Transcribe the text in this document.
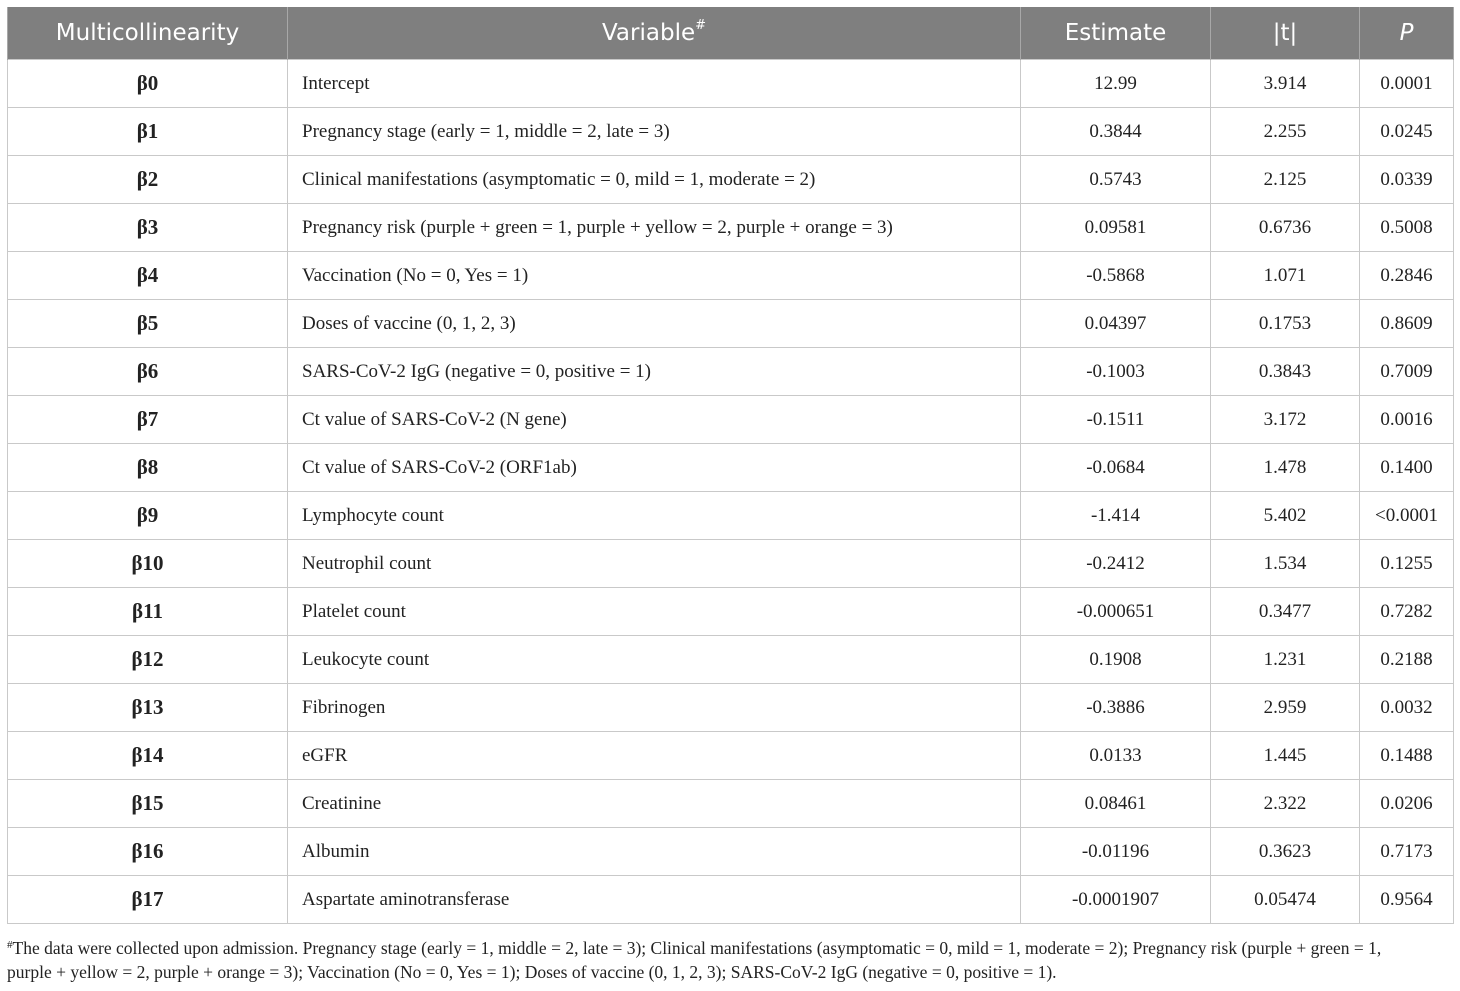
Multicollinearity	Variable#	Estimate	|t|	P
β0	Intercept	12.99	3.914	0.0001
β1	Pregnancy stage (early = 1, middle = 2, late = 3)	0.3844	2.255	0.0245
β2	Clinical manifestations (asymptomatic = 0, mild = 1, moderate = 2)	0.5743	2.125	0.0339
β3	Pregnancy risk (purple + green = 1, purple + yellow = 2, purple + orange = 3)	0.09581	0.6736	0.5008
β4	Vaccination (No = 0, Yes = 1)	-0.5868	1.071	0.2846
β5	Doses of vaccine (0, 1, 2, 3)	0.04397	0.1753	0.8609
β6	SARS-CoV-2 IgG (negative = 0, positive = 1)	-0.1003	0.3843	0.7009
β7	Ct value of SARS-CoV-2 (N gene)	-0.1511	3.172	0.0016
β8	Ct value of SARS-CoV-2 (ORF1ab)	-0.0684	1.478	0.1400
β9	Lymphocyte count	-1.414	5.402	<0.0001
β10	Neutrophil count	-0.2412	1.534	0.1255
β11	Platelet count	-0.000651	0.3477	0.7282
β12	Leukocyte count	0.1908	1.231	0.2188
β13	Fibrinogen	-0.3886	2.959	0.0032
β14	eGFR	0.0133	1.445	0.1488
β15	Creatinine	0.08461	2.322	0.0206
β16	Albumin	-0.01196	0.3623	0.7173
β17	Aspartate aminotransferase	-0.0001907	0.05474	0.9564
#The data were collected upon admission. Pregnancy stage (early = 1, middle = 2, late = 3); Clinical manifestations (asymptomatic = 0, mild = 1, moderate = 2); Pregnancy risk (purple + green = 1,
purple + yellow = 2, purple + orange = 3); Vaccination (No = 0, Yes = 1); Doses of vaccine (0, 1, 2, 3); SARS-CoV-2 IgG (negative = 0, positive = 1).
